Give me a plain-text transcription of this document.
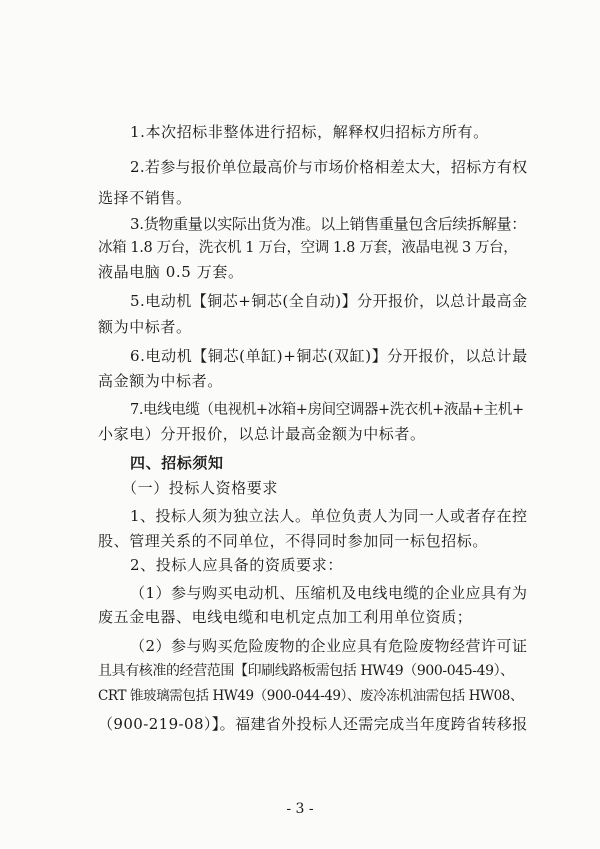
1.本次招标非整体进行招标，解释权归招标方所有。
2.若参与报价单位最高价与市场价格相差太大，招标方有权
选择不销售。
3.货物重量以实际出货为准。以上销售重量包含后续拆解量：
冰箱 1.8 万台，洗衣机 1 万台，空调 1.8 万套，液晶电视 3 万台，
液晶电脑 0.5 万套。
5.电动机【铜芯+铜芯(全自动)】分开报价，以总计最高金
额为中标者。
6.电动机【铜芯(单缸)+铜芯(双缸)】分开报价，以总计最
高金额为中标者。
7.电线电缆（电视机+冰箱+房间空调器+洗衣机+液晶+主机+
小家电）分开报价，以总计最高金额为中标者。
四、招标须知
（一）投标人资格要求
1、投标人须为独立法人。单位负责人为同一人或者存在控
股、管理关系的不同单位，不得同时参加同一标包招标。
2、投标人应具备的资质要求：
（1）参与购买电动机、压缩机及电线电缆的企业应具有为
废五金电器、电线电缆和电机定点加工利用单位资质；
（2）参与购买危险废物的企业应具有危险废物经营许可证
且具有核准的经营范围【印刷线路板需包括 HW49（900-045-49）、
CRT 锥玻璃需包括 HW49（900-044-49）、废冷冻机油需包括 HW08、
（900-219-08）】。福建省外投标人还需完成当年度跨省转移报
- 3 -
